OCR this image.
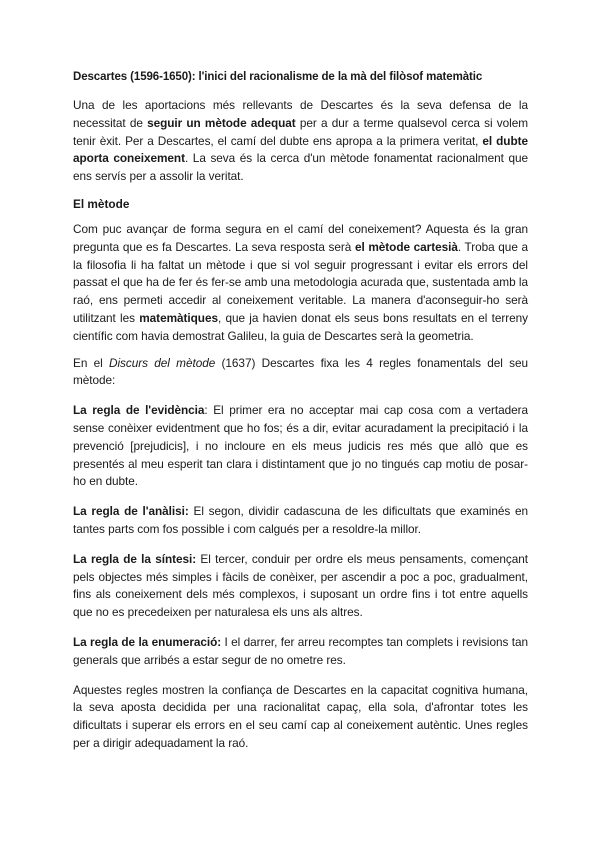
Descartes (1596-1650): l'inici del racionalisme de la mà del filòsof matemàtic

Una de les aportacions més rellevants de Descartes és la seva defensa de la necessitat de seguir un mètode adequat per a dur a terme qualsevol cerca si volem tenir èxit. Per a Descartes, el camí del dubte ens apropa a la primera veritat, el dubte aporta coneixement. La seva és la cerca d'un mètode fonamentat racionalment que ens servís per a assolir la veritat.

El mètode

Com puc avançar de forma segura en el camí del coneixement? Aquesta és la gran pregunta que es fa Descartes. La seva resposta serà el mètode cartesià. Troba que a la filosofia li ha faltat un mètode i que si vol seguir progressant i evitar els errors del passat el que ha de fer és fer-se amb una metodologia acurada que, sustentada amb la raó, ens permeti accedir al coneixement veritable. La manera d'aconseguir-ho serà utilitzant les matemàtiques, que ja havien donat els seus bons resultats en el terreny científic com havia demostrat Galileu, la guia de Descartes serà la geometria.

En el Discurs del mètode (1637) Descartes fixa les 4 regles fonamentals del seu mètode:

La regla de l'evidència: El primer era no acceptar mai cap cosa com a vertadera sense conèixer evidentment que ho fos; és a dir, evitar acuradament la precipitació i la prevenció [prejudicis], i no incloure en els meus judicis res més que allò que es presentés al meu esperit tan clara i distintament que jo no tingués cap motiu de posar-ho en dubte.

La regla de l'anàlisi: El segon, dividir cadascuna de les dificultats que examinés en tantes parts com fos possible i com calgués per a resoldre-la millor.

La regla de la síntesi: El tercer, conduir per ordre els meus pensaments, començant pels objectes més simples i fàcils de conèixer, per ascendir a poc a poc, gradualment, fins als coneixement dels més complexos, i suposant un ordre fins i tot entre aquells que no es precedeixen per naturalesa els uns als altres.

La regla de la enumeració: I el darrer, fer arreu recomptes tan complets i revisions tan generals que arribés a estar segur de no ometre res.

Aquestes regles mostren la confiança de Descartes en la capacitat cognitiva humana, la seva aposta decidida per una racionalitat capaç, ella sola, d'afrontar totes les dificultats i superar els errors en el seu camí cap al coneixement autèntic. Unes regles per a dirigir adequadament la raó.
